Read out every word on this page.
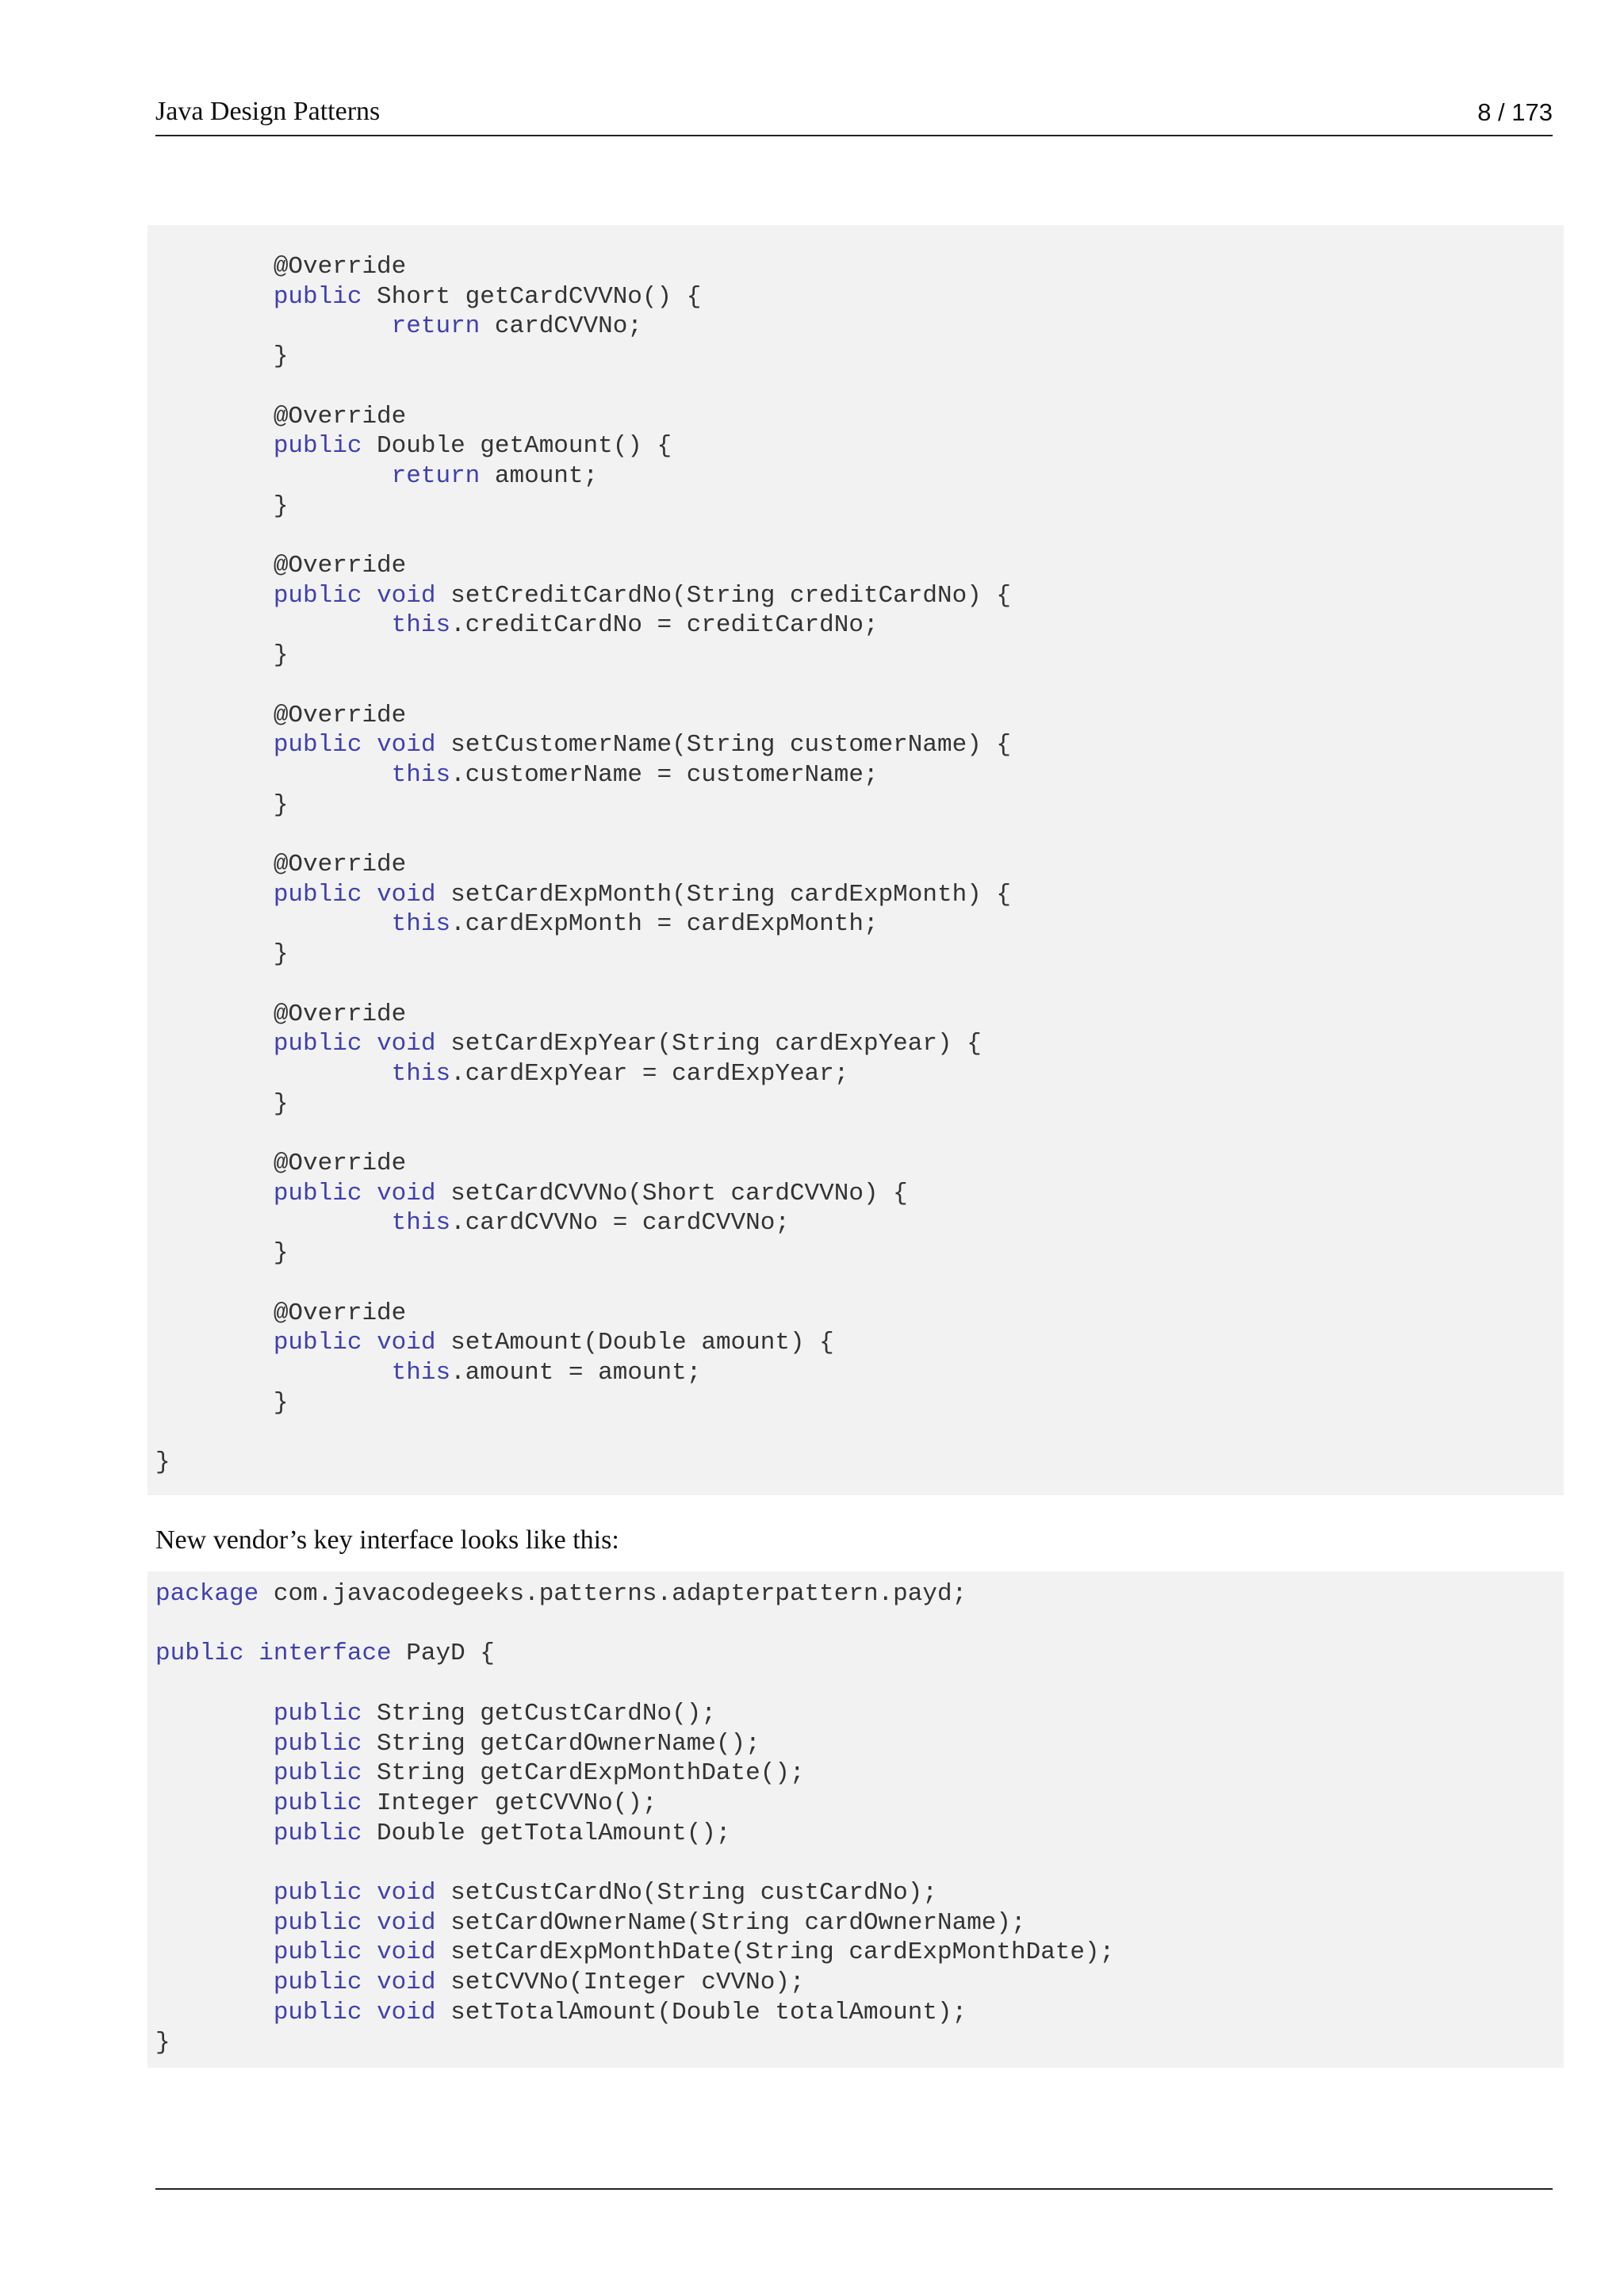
Java Design Patterns	8 / 173
@Override
public Short getCardCVVNo() {
return cardCVVNo;
}
@Override
public Double getAmount() {
return amount;
}
@Override
public void setCreditCardNo(String creditCardNo) {
this.creditCardNo = creditCardNo;
}
@Override
public void setCustomerName(String customerName) {
this.customerName = customerName;
}
@Override
public void setCardExpMonth(String cardExpMonth) {
this.cardExpMonth = cardExpMonth;
}
@Override
public void setCardExpYear(String cardExpYear) {
this.cardExpYear = cardExpYear;
}
@Override
public void setCardCVVNo(Short cardCVVNo) {
this.cardCVVNo = cardCVVNo;
}
@Override
public void setAmount(Double amount) {
this.amount = amount;
}
}
New vendor’s key interface looks like this:
package com.javacodegeeks.patterns.adapterpattern.payd;
public interface PayD {
public String getCustCardNo();
public String getCardOwnerName();
public String getCardExpMonthDate();
public Integer getCVVNo();
public Double getTotalAmount();
public void setCustCardNo(String custCardNo);
public void setCardOwnerName(String cardOwnerName);
public void setCardExpMonthDate(String cardExpMonthDate);
public void setCVVNo(Integer cVVNo);
public void setTotalAmount(Double totalAmount);
}
